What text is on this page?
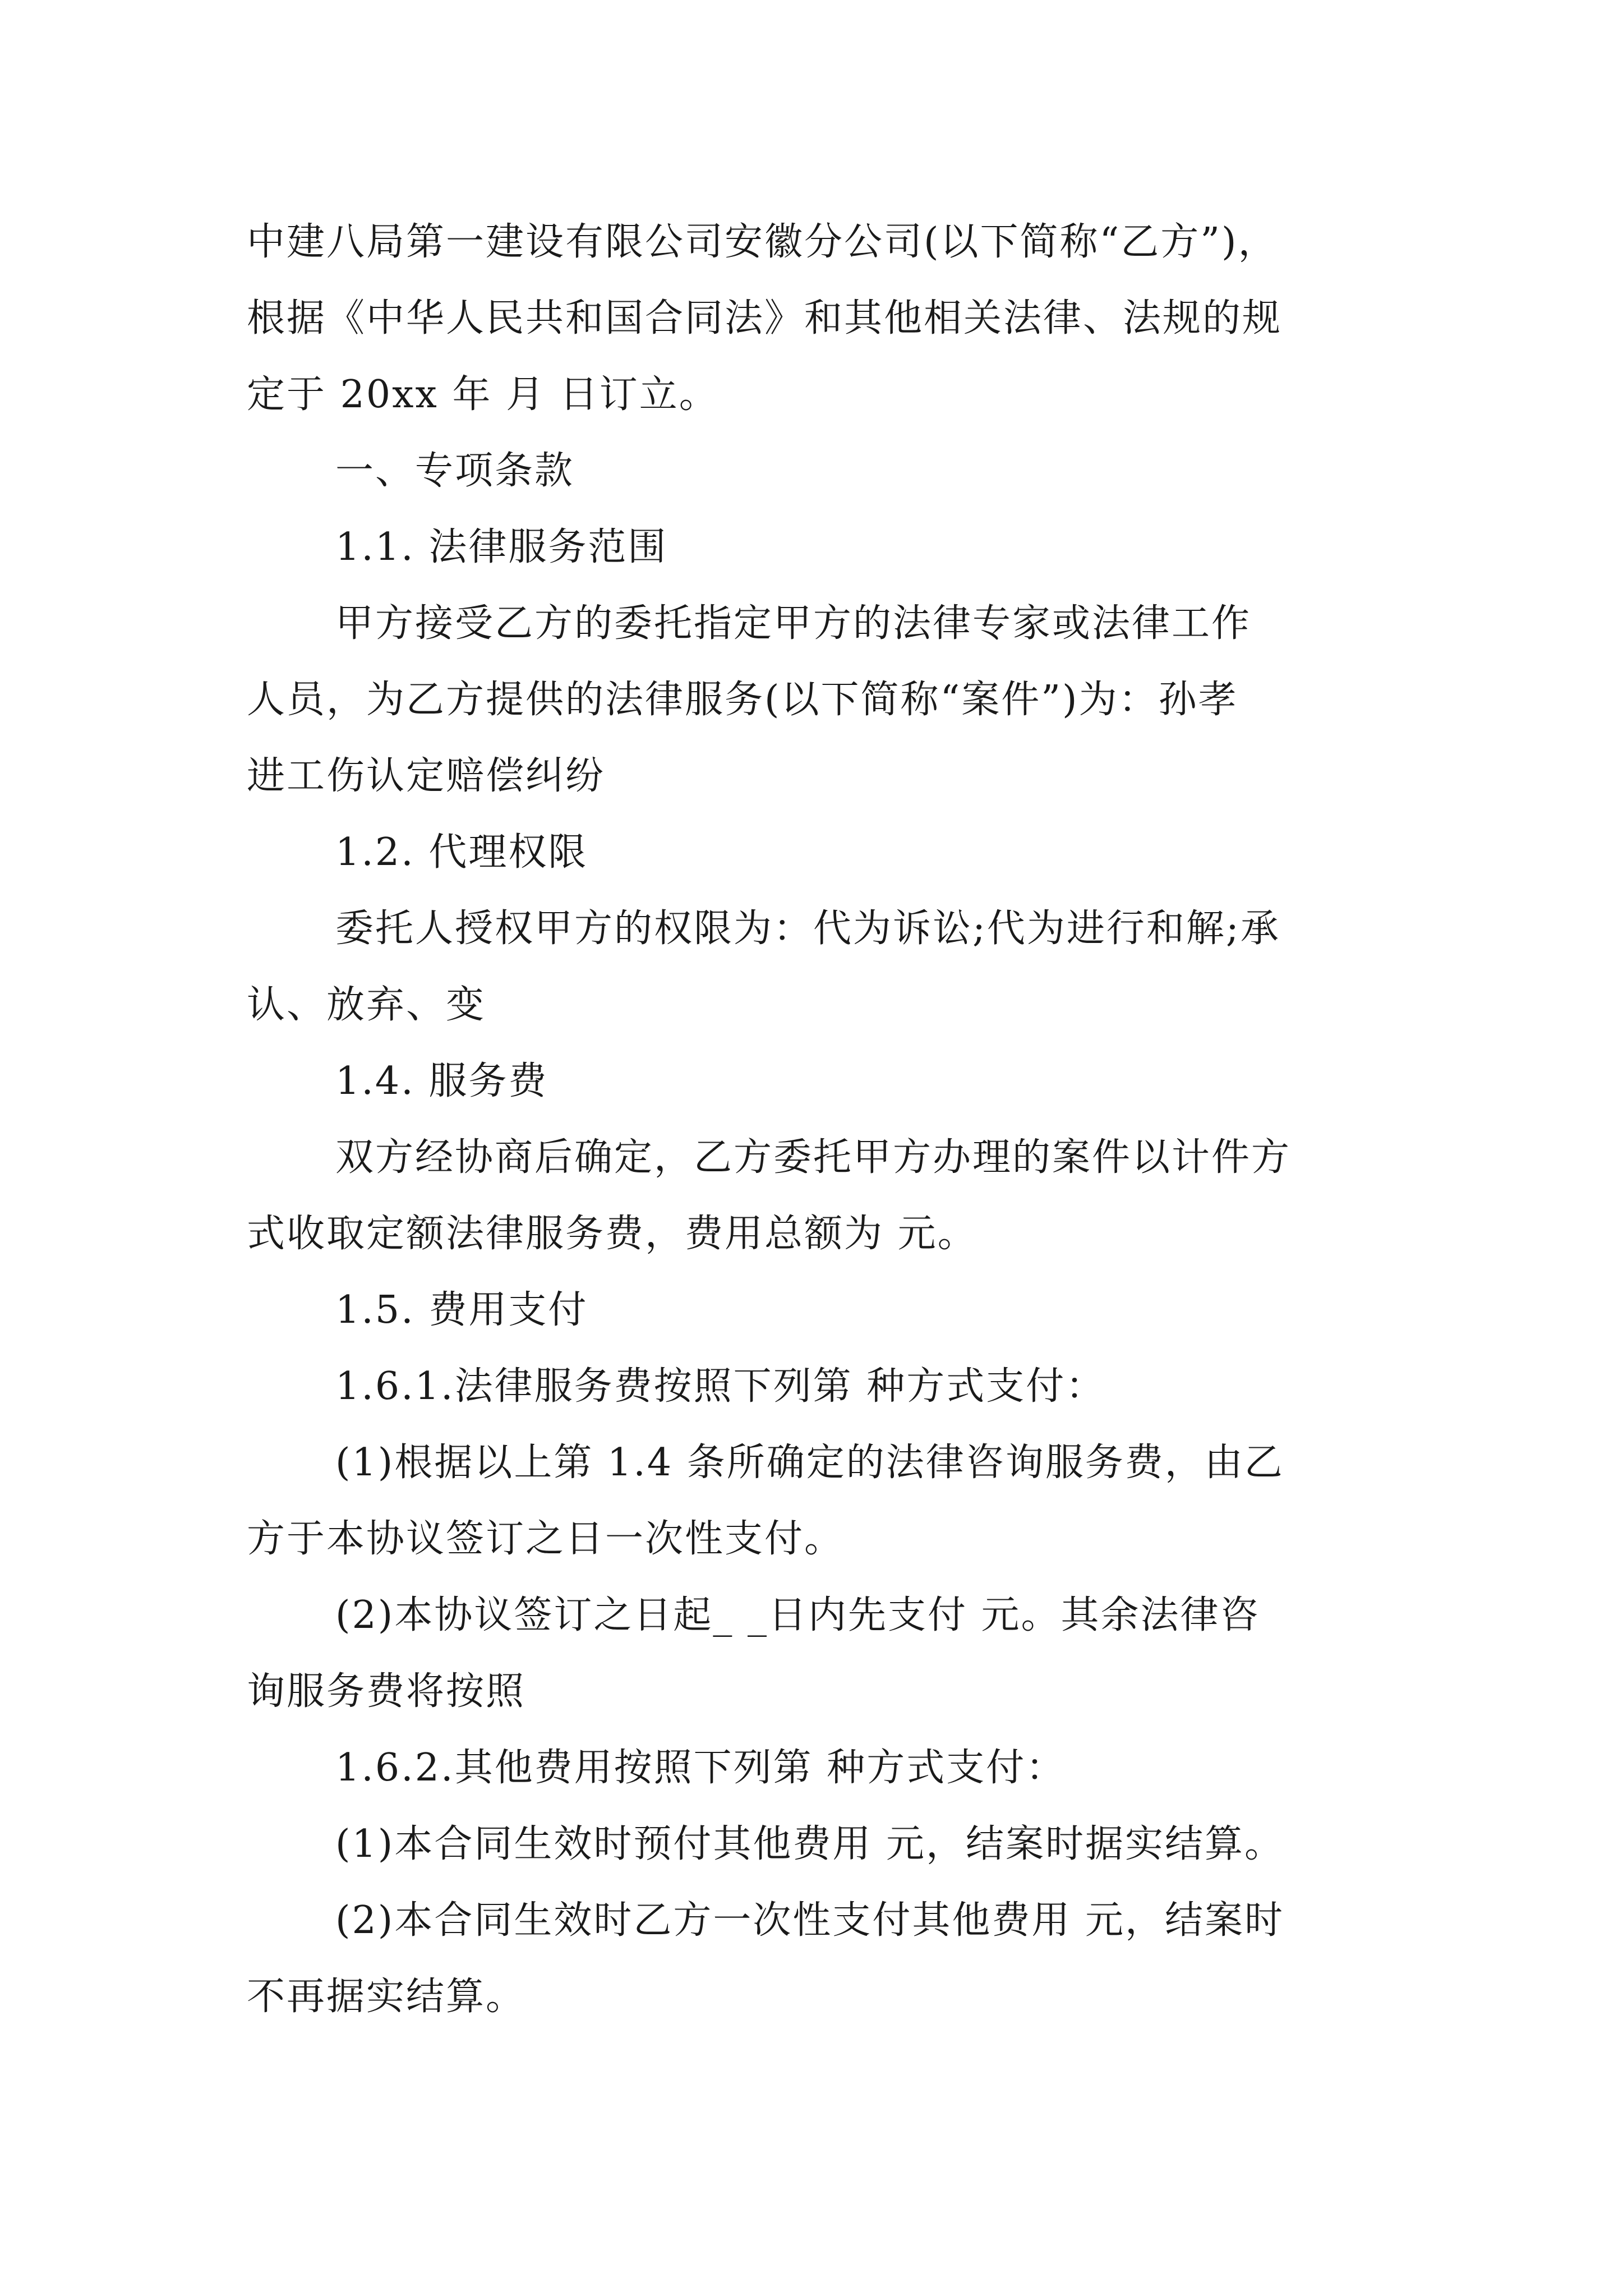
中建八局第一建设有限公司安徽分公司(以下简称“乙方”)，
根据《中华人民共和国合同法》和其他相关法律、法规的规
定于 20xx 年 月 日订立。
一、专项条款
1.1. 法律服务范围
甲方接受乙方的委托指定甲方的法律专家或法律工作
人员，为乙方提供的法律服务(以下简称“案件”)为：孙孝
进工伤认定赔偿纠纷
1.2. 代理权限
委托人授权甲方的权限为：代为诉讼;代为进行和解;承
认、放弃、变
1.4. 服务费
双方经协商后确定，乙方委托甲方办理的案件以计件方
式收取定额法律服务费，费用总额为 元。
1.5. 费用支付
1.6.1.法律服务费按照下列第 种方式支付：
(1)根据以上第 1.4 条所确定的法律咨询服务费，由乙
方于本协议签订之日一次性支付。
(2)本协议签订之日起_ _日内先支付 元。其余法律咨
询服务费将按照
1.6.2.其他费用按照下列第 种方式支付：
(1)本合同生效时预付其他费用 元，结案时据实结算。
(2)本合同生效时乙方一次性支付其他费用 元，结案时
不再据实结算。
